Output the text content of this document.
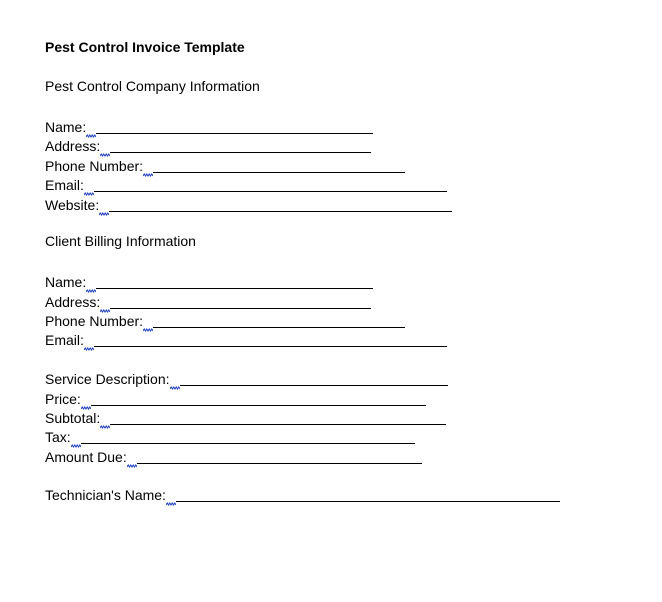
Pest Control Invoice Template
Pest Control Company Information
Name:
Address:
Phone Number:
Email:
Website:
Client Billing Information
Name:
Address:
Phone Number:
Email:
Service Description:
Price:
Subtotal:
Tax:
Amount Due:
Technician's Name:
